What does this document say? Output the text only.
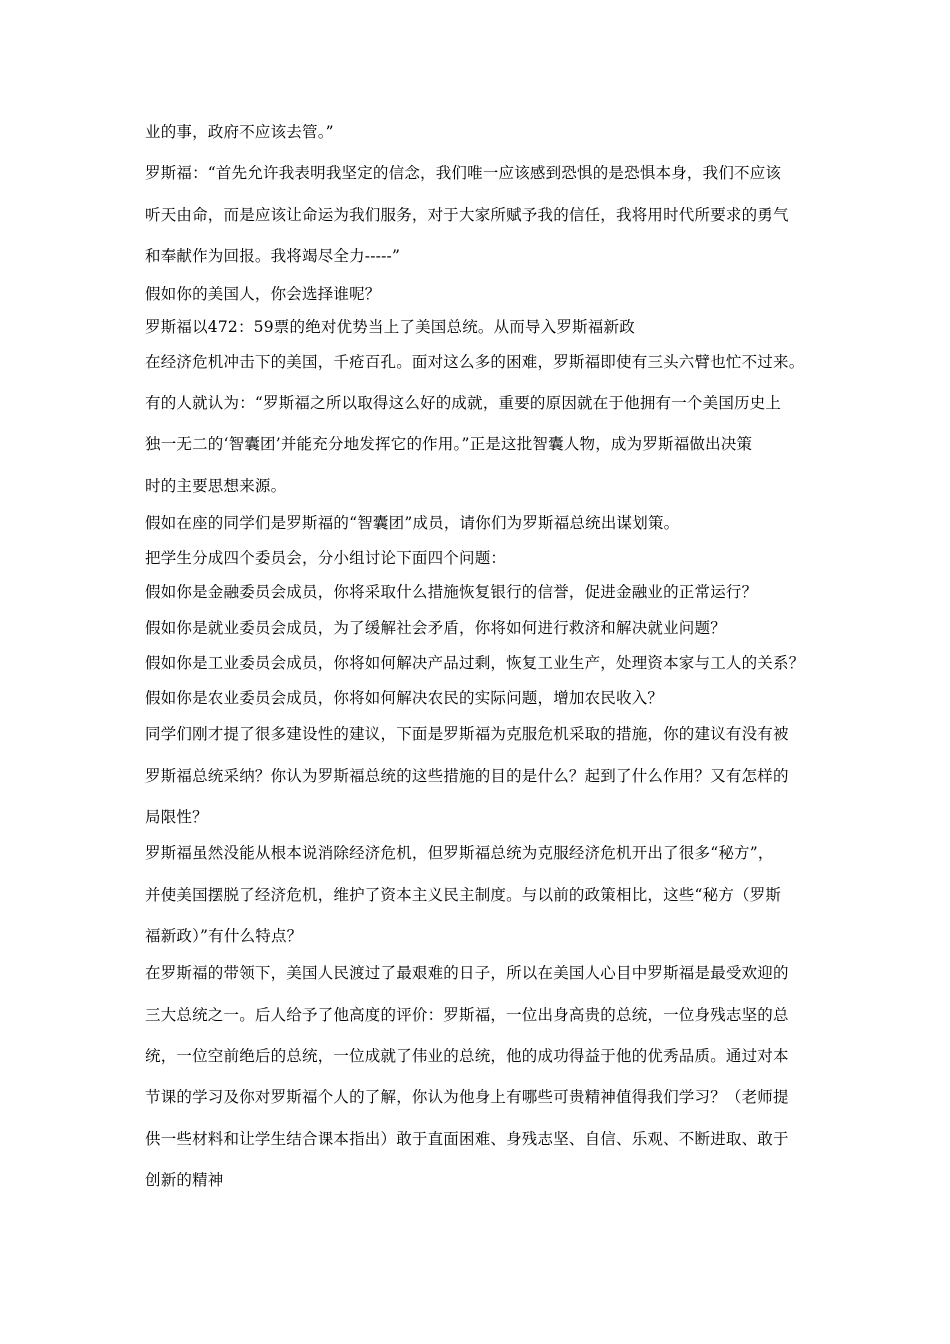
业的事，政府不应该去管。”
罗斯福：“首先允许我表明我坚定的信念，我们唯一应该感到恐惧的是恐惧本身，我们不应该
听天由命，而是应该让命运为我们服务，对于大家所赋予我的信任，我将用时代所要求的勇气
和奉献作为回报。我将竭尽全力-----”
假如你的美国人，你会选择谁呢？
罗斯福以472：59票的绝对优势当上了美国总统。从而导入罗斯福新政
在经济危机冲击下的美国，千疮百孔。面对这么多的困难，罗斯福即使有三头六臂也忙不过来。
有的人就认为：“罗斯福之所以取得这么好的成就，重要的原因就在于他拥有一个美国历史上
独一无二的‘智囊团’并能充分地发挥它的作用。”正是这批智囊人物，成为罗斯福做出决策
时的主要思想来源。
假如在座的同学们是罗斯福的“智囊团”成员，请你们为罗斯福总统出谋划策。
把学生分成四个委员会，分小组讨论下面四个问题：
假如你是金融委员会成员，你将采取什么措施恢复银行的信誉，促进金融业的正常运行？
假如你是就业委员会成员，为了缓解社会矛盾，你将如何进行救济和解决就业问题？
假如你是工业委员会成员，你将如何解决产品过剩，恢复工业生产，处理资本家与工人的关系？
假如你是农业委员会成员，你将如何解决农民的实际问题，增加农民收入？
同学们刚才提了很多建设性的建议，下面是罗斯福为克服危机采取的措施，你的建议有没有被
罗斯福总统采纳？你认为罗斯福总统的这些措施的目的是什么？起到了什么作用？又有怎样的
局限性？
罗斯福虽然没能从根本说消除经济危机，但罗斯福总统为克服经济危机开出了很多“秘方”，
并使美国摆脱了经济危机，维护了资本主义民主制度。与以前的政策相比，这些“秘方（罗斯
福新政）”有什么特点？
在罗斯福的带领下，美国人民渡过了最艰难的日子，所以在美国人心目中罗斯福是最受欢迎的
三大总统之一。后人给予了他高度的评价：罗斯福，一位出身高贵的总统，一位身残志坚的总
统，一位空前绝后的总统，一位成就了伟业的总统，他的成功得益于他的优秀品质。通过对本
节课的学习及你对罗斯福个人的了解，你认为他身上有哪些可贵精神值得我们学习？（老师提
供一些材料和让学生结合课本指出）敢于直面困难、身残志坚、自信、乐观、不断进取、敢于
创新的精神
